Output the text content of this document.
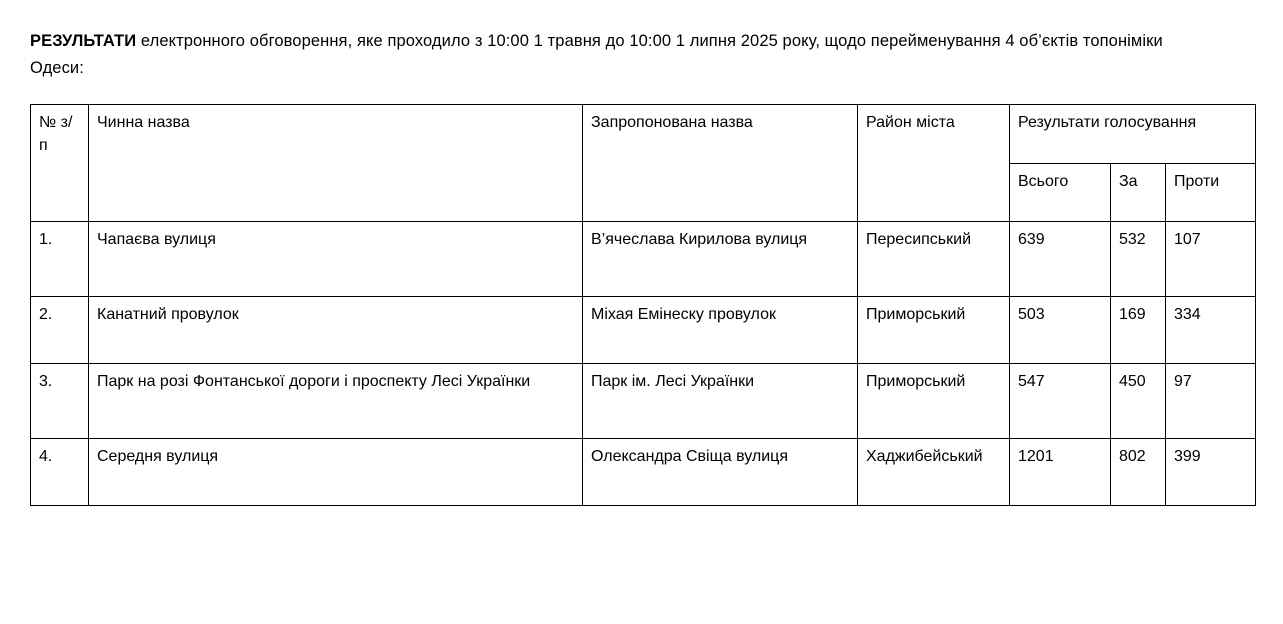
РЕЗУЛЬТАТИ електронного обговорення, яке проходило з 10:00 1 травня до 10:00 1 липня 2025 року, щодо перейменування 4 об’єктів топоніміки Одеси:

№ з/п	Чинна назва	Запропонована назва	Район міста	Результати голосування		
				Всього	За	Проти
1.	Чапаєва вулиця	В’ячеслава Кирилова вулиця	Пересипський	639	532	107
2.	Канатний провулок	Міхая Емінеску провулок	Приморський	503	169	334
3.	Парк на розі Фонтанської дороги і проспекту Лесі Українки	Парк ім. Лесі Українки	Приморський	547	450	97
4.	Середня вулиця	Олександра Свіща вулиця	Хаджибейський	1201	802	399
